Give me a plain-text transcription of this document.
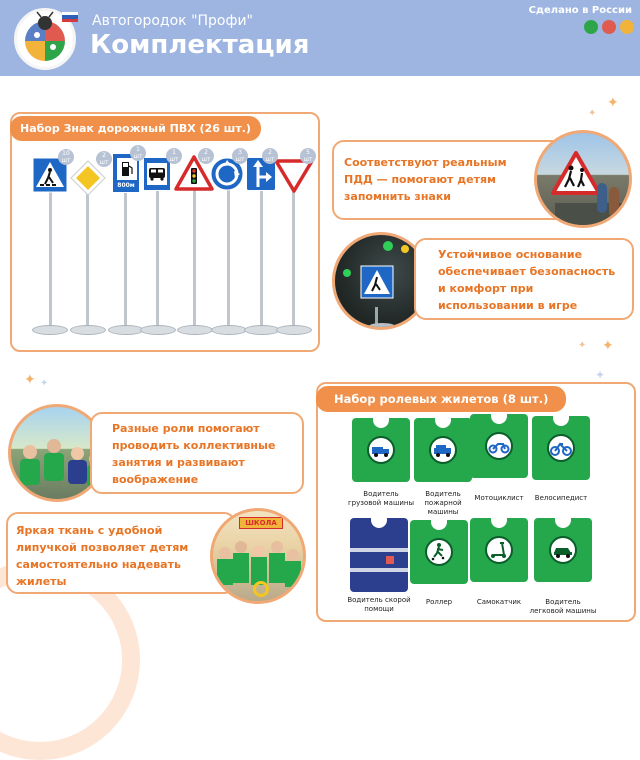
Автогородок "Профи"
Комплектация
Сделано в России
✦
✦
✦
✦
✦
✦ ✦
Набор Знак дорожный ПВХ (26 шт.)
800м
10
шт
2
шт
1
шт
1
шт
2
шт
3
шт
2
шт
5
шт	Соответствуют реальным ПДД — помогают детям запомнить знаки
Устойчивое основание обеспечивает безопасность и комфорт при использовании в игре
Разные роли помогают проводить коллективные занятия и развивают воображение
Яркая ткань с удобной липучкой позволяет детям самостоятельно надевать жилеты
ШКОЛА
Набор ролевых жилетов (8 шт.)
Водитель грузовой машины
Водитель пожарной машины
Мотоциклист	Велосипедист
Водитель скорой помощи
Роллер	Самокатчик	Водитель легковой машины
